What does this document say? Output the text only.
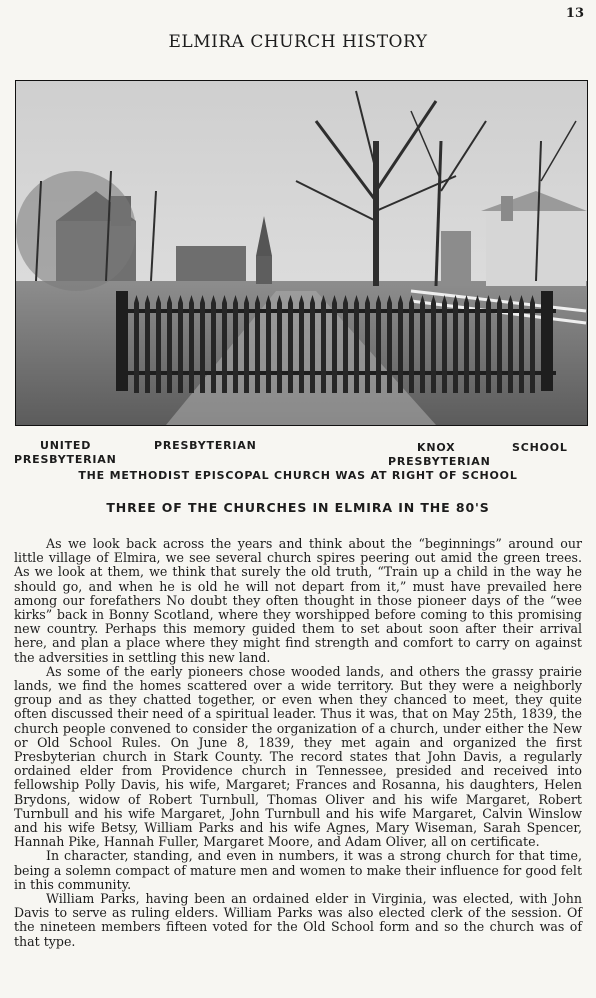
13
ELMIRA CHURCH HISTORY
UNITED
PRESBYTERIAN
PRESBYTERIAN	KNOX
PRESBYTERIAN
SCHOOL
THE METHODIST EPISCOPAL CHURCH WAS AT RIGHT OF SCHOOL
THREE OF THE CHURCHES IN ELMIRA IN THE 80'S

As we look back across the years and think about the “beginnings” around our little village of Elmira, we see several church spires peering out amid the green trees. As we look at them, we think that surely the old truth, “Train up a child in the way he should go, and when he is old he will not depart from it,” must have prevailed here among our forefathers No doubt they often thought in those pioneer days of the “wee kirks” back in Bonny Scotland, where they worshipped before coming to this promising new country. Perhaps this memory guided them to set about soon after their arrival here, and plan a place where they might find strength and comfort to carry on against the adversities in settling this new land.

As some of the early pioneers chose wooded lands, and others the grassy prairie lands, we find the homes scattered over a wide territory. But they were a neighborly group and as they chatted together, or even when they chanced to meet, they quite often discussed their need of a spiritual leader. Thus it was, that on May 25th, 1839, the church people convened to consider the organization of a church, under either the New or Old School Rules. On June 8, 1839, they met again and organized the first Presbyterian church in Stark County. The record states that John Davis, a regularly ordained elder from Providence church in Tennessee, presided and received into fellowship Polly Davis, his wife, Margaret; Frances and Rosanna, his daughters, Helen Brydons, widow of Robert Turnbull, Thomas Oliver and his wife Margaret, Robert Turnbull and his wife Margaret, John Turnbull and his wife Margaret, Calvin Winslow and his wife Betsy, William Parks and his wife Agnes, Mary Wiseman, Sarah Spencer, Hannah Pike, Hannah Fuller, Margaret Moore, and Adam Oliver, all on certificate.

In character, standing, and even in numbers, it was a strong church for that time, being a solemn compact of mature men and women to make their influence for good felt in this community.

William Parks, having been an ordained elder in Virginia, was elected, with John Davis to serve as ruling elders. William Parks was also elected clerk of the session. Of the nineteen members fifteen voted for the Old School form and so the church was of that type.
